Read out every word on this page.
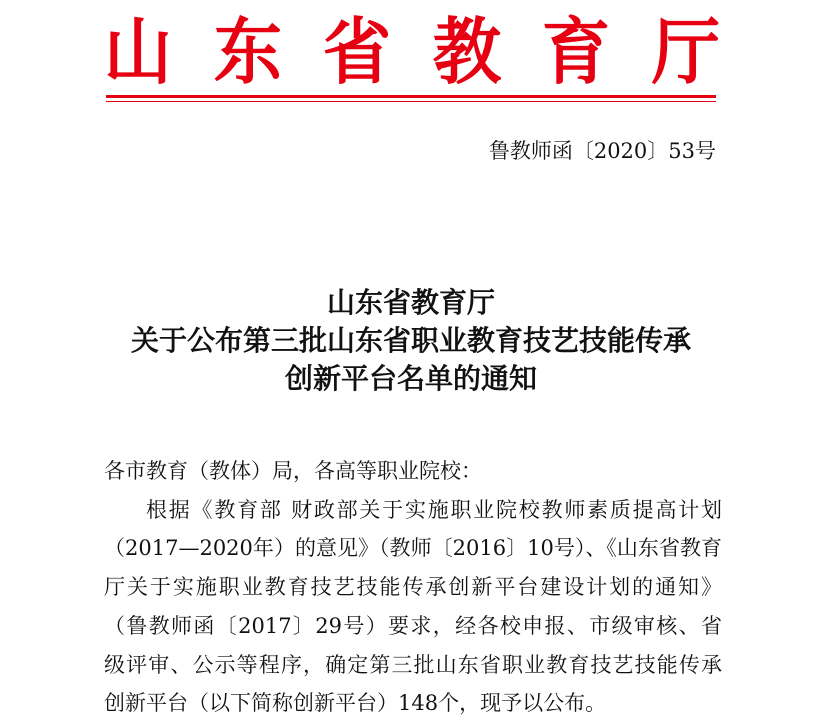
山 东 省 教 育 厅
鲁教师函〔2020〕53号
山东省教育厅
关于公布第三批山东省职业教育技艺技能传承
创新平台名单的通知
各市教育（教体）局，各高等职业院校：
根据《教育部 财政部关于实施职业院校教师素质提高计划
（2017—2020年）的意见》（教师〔2016〕10号）、《山东省教育
厅关于实施职业教育技艺技能传承创新平台建设计划的通知》
（鲁教师函〔2017〕29号）要求，经各校申报、市级审核、省
级评审、公示等程序，确定第三批山东省职业教育技艺技能传承
创新平台（以下简称创新平台）148个，现予以公布。
